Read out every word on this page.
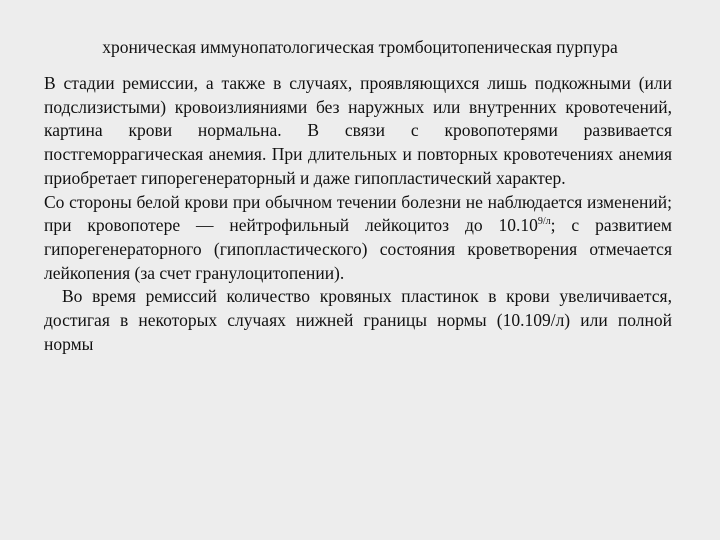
хроническая иммунопатологическая тромбоцитопеническая пурпура

В стадии ремиссии, а также в случаях, проявляющихся лишь подкожными (или подслизистыми) кровоизлияниями без наружных или внутренних кровотечений, картина крови нормальна. В связи с кровопотерями развивается постгеморрагическая анемия. При длительных и повторных кровотечениях анемия приобретает гипорегенераторный и даже гипопластический характер.

Со стороны белой крови при обычном течении болезни не наблюдается изменений; при кровопотере — нейтрофильный лейкоцитоз до $10.10^{9/л}$; с развитием гипорегенераторного (гипопластического) состояния кроветворения отмечается лейкопения (за счет гранулоцитопении).

Во время ремиссий количество кровяных пластинок в крови увеличивается, достигая в некоторых случаях нижней границы нормы (10.109/л) или полной нормы
